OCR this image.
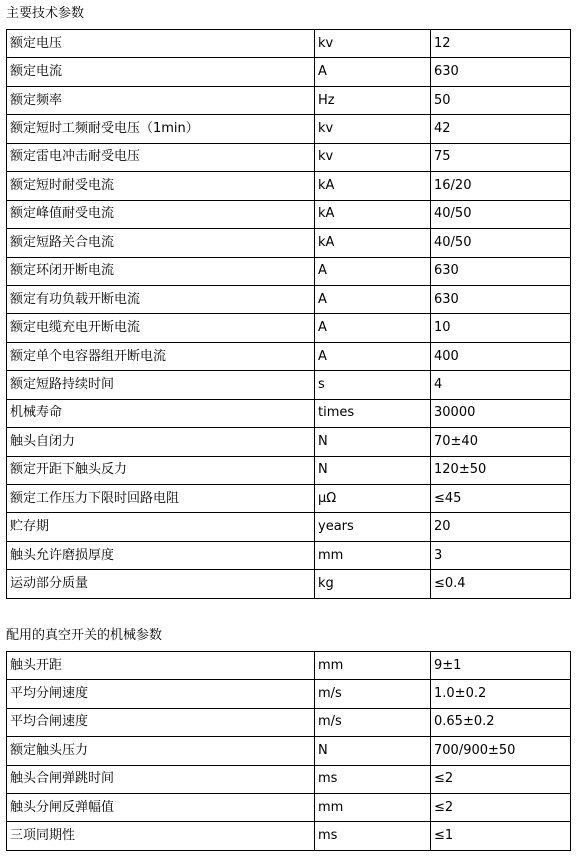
主要技术参数
额定电压	kv	12
额定电流	A	630
额定频率	Hz	50
额定短时工频耐受电压（1min）	kv	42
额定雷电冲击耐受电压	kv	75
额定短时耐受电流	kA	16/20
额定峰值耐受电流	kA	40/50
额定短路关合电流	kA	40/50
额定环闭开断电流	A	630
额定有功负载开断电流	A	630
额定电缆充电开断电流	A	10
额定单个电容器组开断电流	A	400
额定短路持续时间	s	4
机械寿命	times	30000
触头自闭力	N	70±40
额定开距下触头反力	N	120±50
额定工作压力下限时回路电阻	μΩ	≤45
贮存期	years	20
触头允许磨损厚度	mm	3
运动部分质量	kg	≤0.4
配用的真空开关的机械参数
触头开距	mm	9±1
平均分闸速度	m/s	1.0±0.2
平均合闸速度	m/s	0.65±0.2
额定触头压力	N	700/900±50
触头合闸弹跳时间	ms	≤2
触头分闸反弹幅值	mm	≤2
三项同期性	ms	≤1
